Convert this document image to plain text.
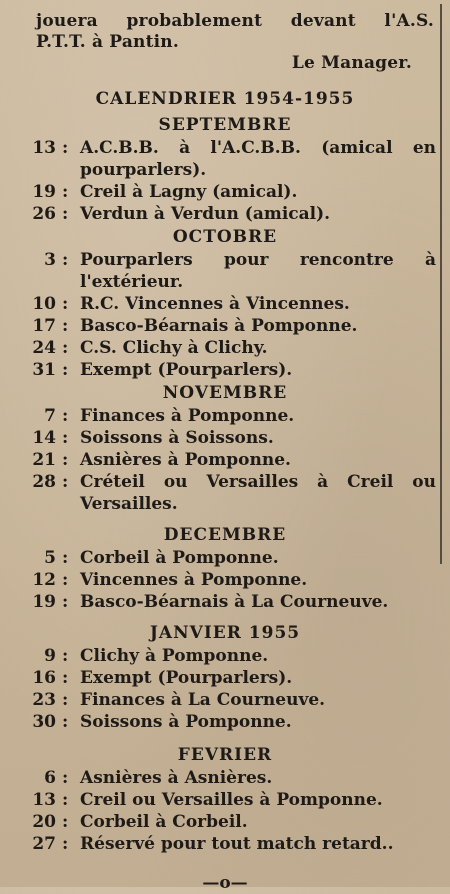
jouera probablement devant l'A.S.
P.T.T. à Pantin.
Le Manager.
CALENDRIER 1954-1955
SEPTEMBRE
13 : A.C.B.B. à l'A.C.B.B. (amical en
pourparlers).
19 : Creil à Lagny (amical).
26 : Verdun à Verdun (amical).
OCTOBRE
3 : Pourparlers pour rencontre à
l'extérieur.
10 : R.C. Vincennes à Vincennes.
17 : Basco-Béarnais à Pomponne.
24 : C.S. Clichy à Clichy.
31 : Exempt (Pourparlers).
NOVEMBRE
7 : Finances à Pomponne.
14 : Soissons à Soissons.
21 : Asnières à Pomponne.
28 : Créteil ou Versailles à Creil ou
Versailles.
DECEMBRE
5 : Corbeil à Pomponne.
12 : Vincennes à Pomponne.
19 : Basco-Béarnais à La Courneuve.
JANVIER 1955
9 : Clichy à Pomponne.
16 : Exempt (Pourparlers).
23 : Finances à La Courneuve.
30 : Soissons à Pomponne.
FEVRIER
6 : Asnières à Asnières.
13 : Creil ou Versailles à Pomponne.
20 : Corbeil à Corbeil.
27 : Réservé pour tout match retard..
—o—
